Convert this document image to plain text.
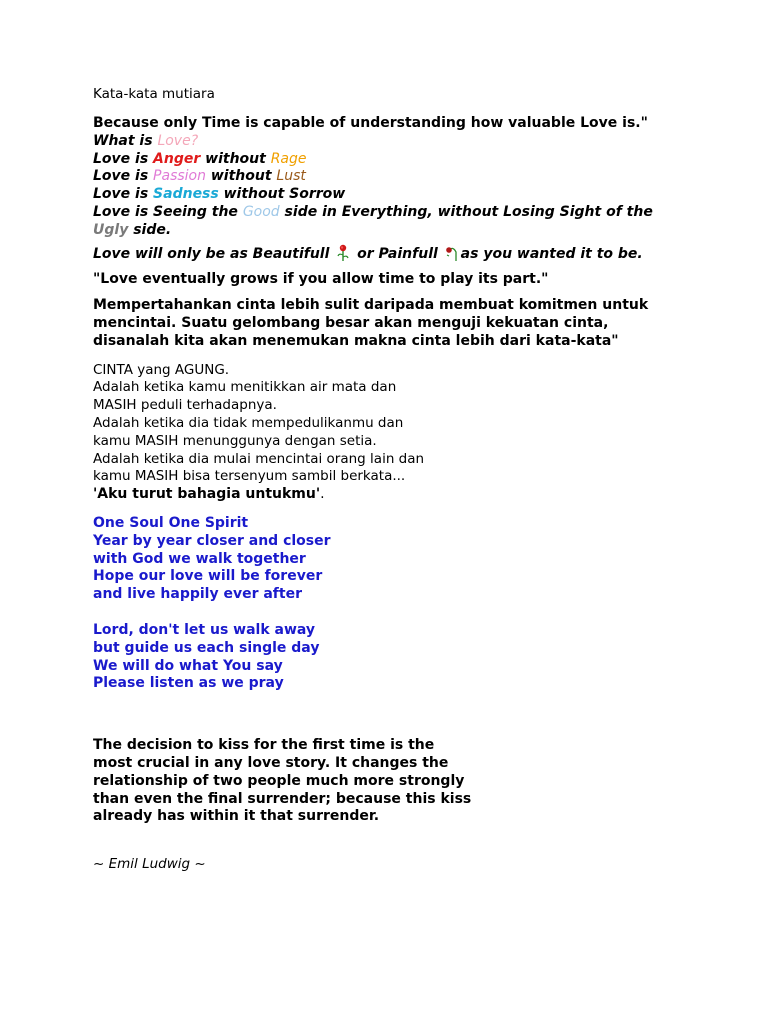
Kata-kata mutiara
Because only Time is capable of understanding how valuable Love is."
What is Love?
Love is Anger without Rage
Love is Passion without Lust
Love is Sadness without Sorrow
Love is Seeing the Good side in Everything, without Losing Sight of the Ugly side.
Love will only be as Beautifull  or Painfull as you wanted it to be.
"Love eventually grows if you allow time to play its part."
Mempertahankan cinta lebih sulit daripada membuat komitmen untuk
mencintai. Suatu gelombang besar akan menguji kekuatan cinta,
disanalah kita akan menemukan makna cinta lebih dari kata-kata"
CINTA yang AGUNG.
Adalah ketika kamu menitikkan air mata dan
MASIH peduli terhadapnya.
Adalah ketika dia tidak mempedulikanmu dan
kamu MASIH menunggunya dengan setia.
Adalah ketika dia mulai mencintai orang lain dan
kamu MASIH bisa tersenyum sambil berkata...
'Aku turut bahagia untukmu'.
One Soul One Spirit
Year by year closer and closer
with God we walk together
Hope our love will be forever
and live happily ever after
Lord, don't let us walk away
but guide us each single day
We will do what You say
Please listen as we pray
The decision to kiss for the first time is the
most crucial in any love story. It changes the
relationship of two people much more strongly
than even the final surrender; because this kiss
already has within it that surrender.
~ Emil Ludwig ~
